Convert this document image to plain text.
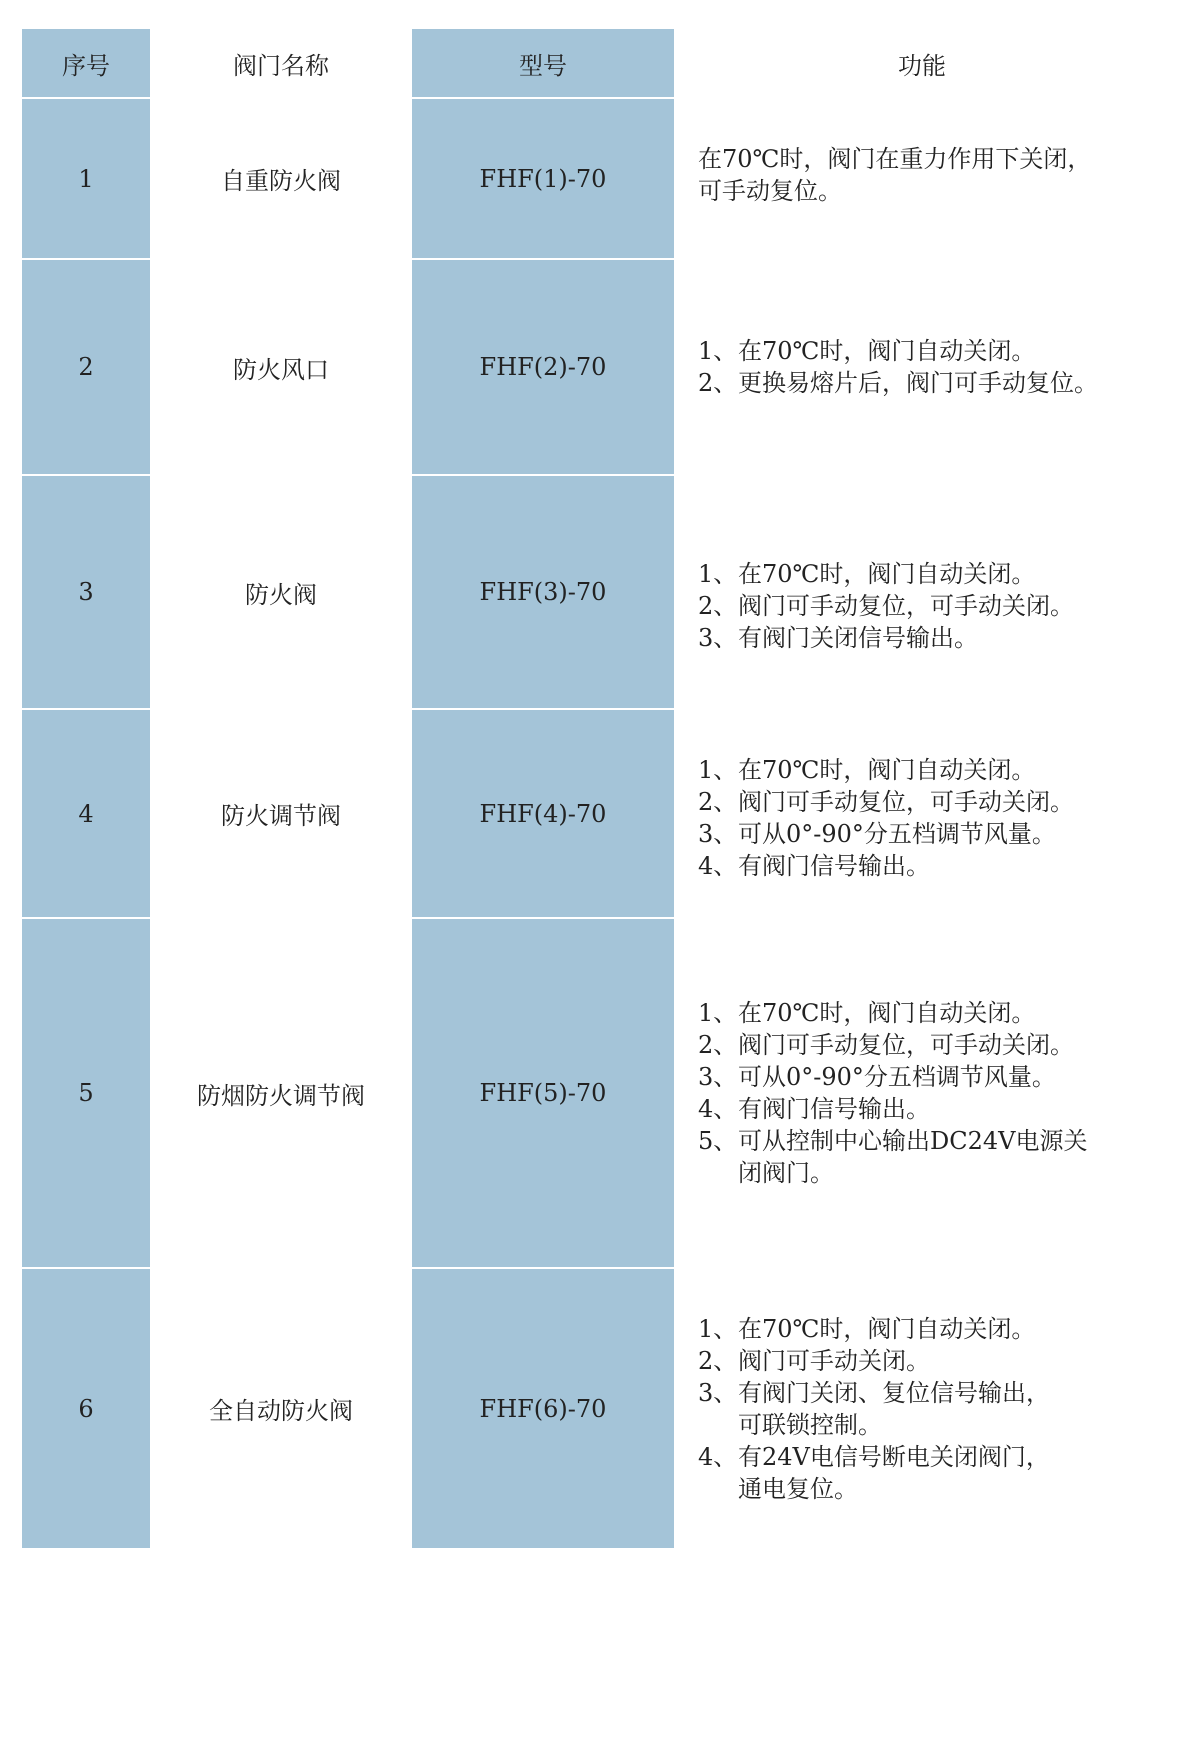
序号	阀门名称	型号	功能
1	自重防火阀	FHF(1)-70
在70℃时，阀门在重力作用下关闭，
可手动复位。
2	防火风口	FHF(2)-70
1、 在70℃时，阀门自动关闭。
2、 更换易熔片后，阀门可手动复位。
3	防火阀	FHF(3)-70
1、 在70℃时，阀门自动关闭。
2、 阀门可手动复位，可手动关闭。
3、 有阀门关闭信号输出。
4	防火调节阀	FHF(4)-70
1、 在70℃时，阀门自动关闭。
2、 阀门可手动复位，可手动关闭。
3、 可从0°-90°分五档调节风量。
4、 有阀门信号输出。
5	防烟防火调节阀	FHF(5)-70
1、 在70℃时，阀门自动关闭。
2、 阀门可手动复位，可手动关闭。
3、 可从0°-90°分五档调节风量。
4、 有阀门信号输出。
5、 可从控制中心输出DC24V电源关
闭阀门。
6	全自动防火阀	FHF(6)-70
1、 在70℃时，阀门自动关闭。
2、 阀门可手动关闭。
3、 有阀门关闭、复位信号输出，
可联锁控制。
4、 有24V电信号断电关闭阀门，
通电复位。
